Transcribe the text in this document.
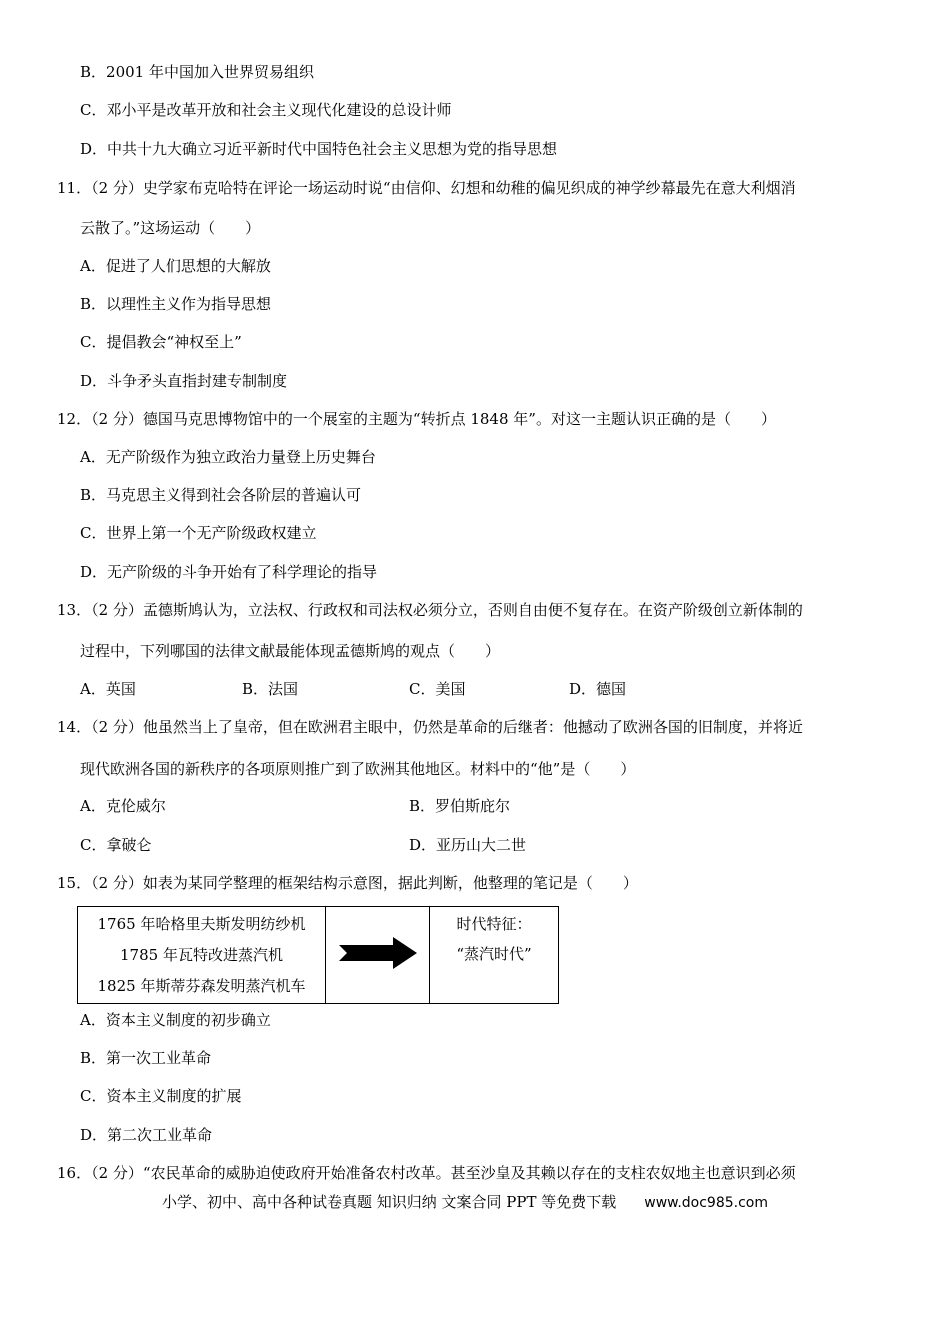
B．2001 年中国加入世界贸易组织
C．邓小平是改革开放和社会主义现代化建设的总设计师
D．中共十九大确立习近平新时代中国特色社会主义思想为党的指导思想
11．（2 分）史学家布克哈特在评论一场运动时说“由信仰、幻想和幼稚的偏见织成的神学纱幕最先在意大利烟消
云散了。”这场运动（　　）
A．促进了人们思想的大解放
B．以理性主义作为指导思想
C．提倡教会“神权至上”
D．斗争矛头直指封建专制制度
12．（2 分）德国马克思博物馆中的一个展室的主题为“转折点 1848 年”。对这一主题认识正确的是（　　）
A．无产阶级作为独立政治力量登上历史舞台
B．马克思主义得到社会各阶层的普遍认可
C．世界上第一个无产阶级政权建立
D．无产阶级的斗争开始有了科学理论的指导
13．（2 分）孟德斯鸠认为，立法权、行政权和司法权必须分立，否则自由便不复存在。在资产阶级创立新体制的
过程中，下列哪国的法律文献最能体现孟德斯鸠的观点（　　）
A．英国	B．法国	C．美国	D．德国
14．（2 分）他虽然当上了皇帝，但在欧洲君主眼中，仍然是革命的后继者：他撼动了欧洲各国的旧制度，并将近
现代欧洲各国的新秩序的各项原则推广到了欧洲其他地区。材料中的“他”是（　　）
A．克伦威尔	B．罗伯斯庇尔
C．拿破仑	D．亚历山大二世
15．（2 分）如表为某同学整理的框架结构示意图，据此判断，他整理的笔记是（　　）
1765 年哈格里夫斯发明纺纱机
1785 年瓦特改进蒸汽机
1825 年斯蒂芬森发明蒸汽机车

时代特征：
“蒸汽时代”
A．资本主义制度的初步确立
B．第一次工业革命
C．资本主义制度的扩展
D．第二次工业革命
16．（2 分）“农民革命的威胁迫使政府开始准备农村改革。甚至沙皇及其赖以存在的支柱农奴地主也意识到必须
小学、初中、高中各种试卷真题 知识归纳 文案合同 PPT 等免费下载 www.doc985.com
